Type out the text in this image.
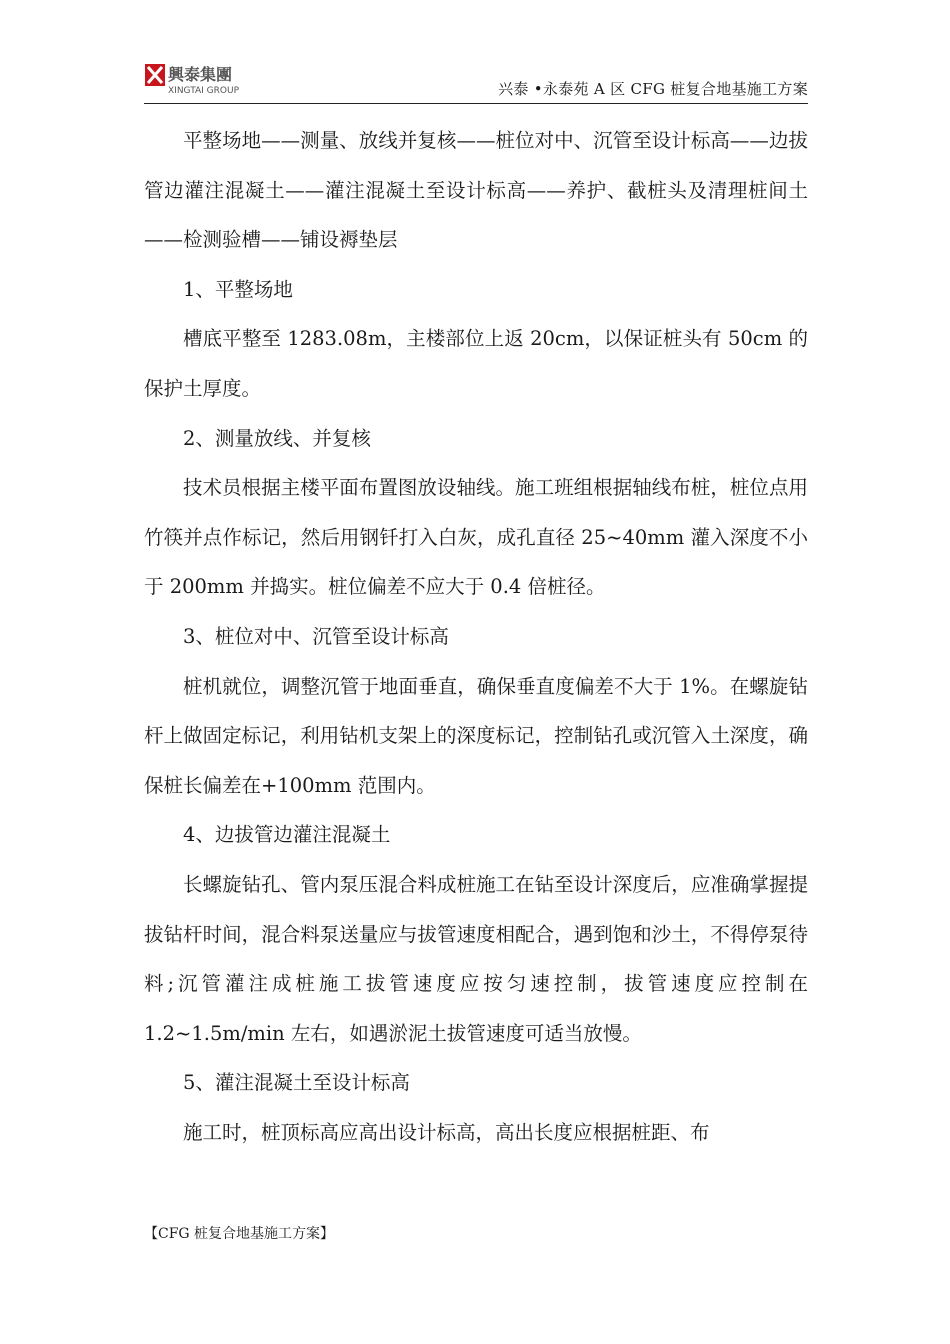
興泰集團
XINGTAI GROUP	兴泰 •永泰苑 A 区 CFG 桩复合地基施工方案

平整场地——测量、放线并复核——桩位对中、沉管至设计标高——边拔管边灌注混凝土——灌注混凝土至设计标高——养护、截桩头及清理桩间土——检测验槽——铺设褥垫层

1、平整场地

槽底平整至 1283.08m，主楼部位上返 20cm，以保证桩头有 50cm 的保护土厚度。

2、测量放线、并复核

技术员根据主楼平面布置图放设轴线。施工班组根据轴线布桩，桩位点用竹筷并点作标记，然后用钢钎打入白灰，成孔直径 25~40mm 灌入深度不小于 200mm 并捣实。桩位偏差不应大于 0.4 倍桩径。

3、桩位对中、沉管至设计标高

桩机就位，调整沉管于地面垂直，确保垂直度偏差不大于 1%。在螺旋钻杆上做固定标记，利用钻机支架上的深度标记，控制钻孔或沉管入土深度，确保桩长偏差在+100mm 范围内。

4、边拔管边灌注混凝土

长螺旋钻孔、管内泵压混合料成桩施工在钻至设计深度后，应准确掌握提拔钻杆时间，混合料泵送量应与拔管速度相配合，遇到饱和沙土，不得停泵待料;沉管灌注成桩施工拔管速度应按匀速控制，拔管速度应控制在 1.2~1.5m/min 左右，如遇淤泥土拔管速度可适当放慢。

5、灌注混凝土至设计标高

施工时，桩顶标高应高出设计标高，高出长度应根据桩距、布

【CFG 桩复合地基施工方案】
